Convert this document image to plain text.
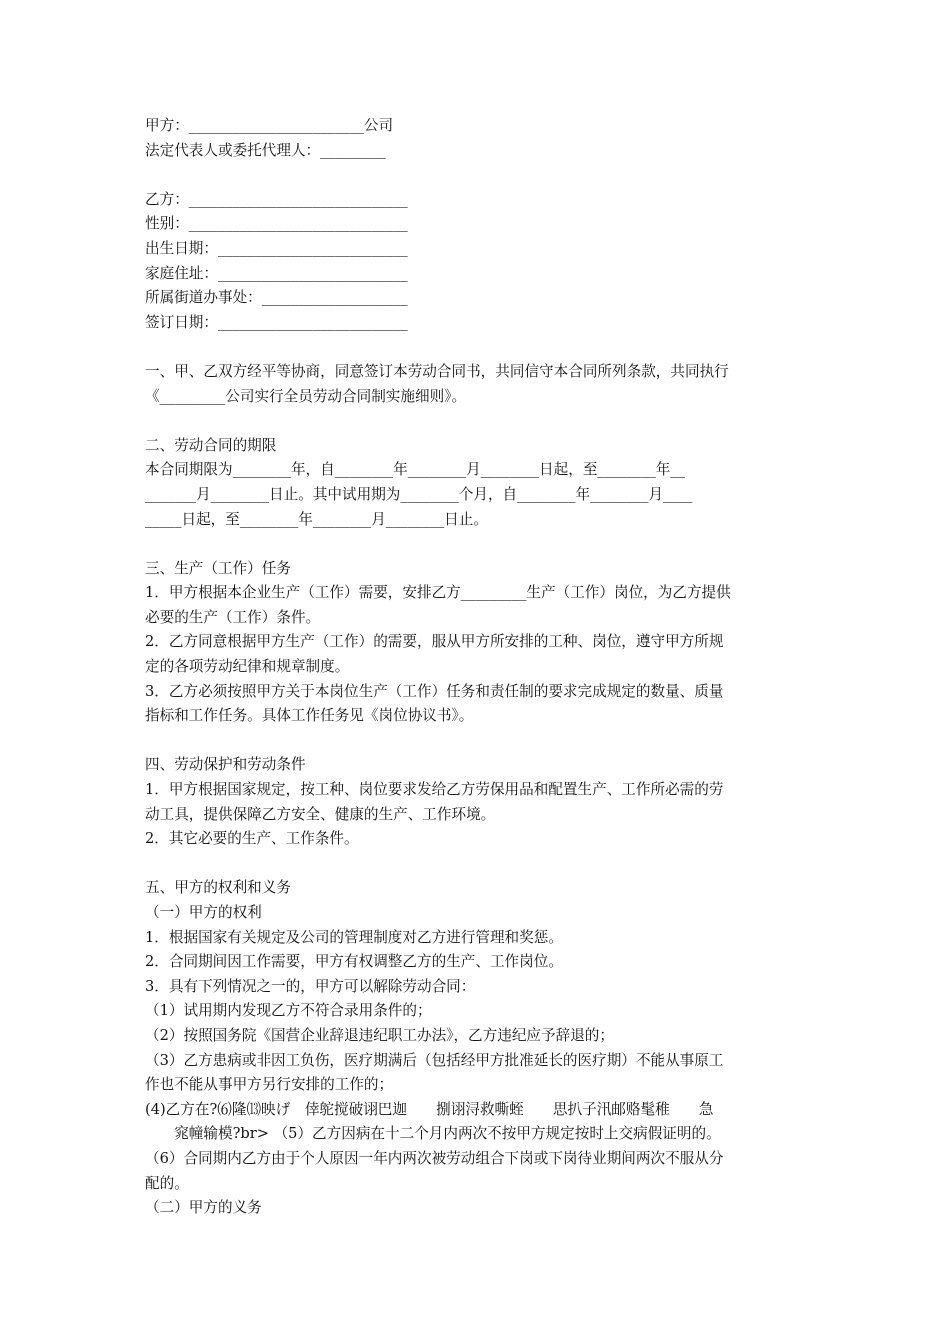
甲方：________________________公司
法定代表人或委托代理人：_________
乙方：______________________________
性别：______________________________
出生日期：__________________________
家庭住址：__________________________
所属街道办事处：____________________
签订日期：__________________________
一、甲、乙双方经平等协商，同意签订本劳动合同书，共同信守本合同所列条款，共同执行
《_________公司实行全员劳动合同制实施细则》。
二、劳动合同的期限
本合同期限为________年，自________年________月________日起，至________年__
_______月________日止。其中试用期为________个月，自________年________月____
_____日起，至________年________月________日止。
三、生产（工作）任务
1．甲方根据本企业生产（工作）需要，安排乙方_________生产（工作）岗位，为乙方提供
必要的生产（工作）条件。
2．乙方同意根据甲方生产（工作）的需要，服从甲方所安排的工种、岗位，遵守甲方所规
定的各项劳动纪律和规章制度。
3．乙方必须按照甲方关于本岗位生产（工作）任务和责任制的要求完成规定的数量、质量
指标和工作任务。具体工作任务见《岗位协议书》。
四、劳动保护和劳动条件
1．甲方根据国家规定，按工种、岗位要求发给乙方劳保用品和配置生产、工作所必需的劳
动工具，提供保障乙方安全、健康的生产、工作环境。
2．其它必要的生产、工作条件。
五、甲方的权利和义务
（一）甲方的权利
1．根据国家有关规定及公司的管理制度对乙方进行管理和奖惩。
2．合同期间因工作需要，甲方有权调整乙方的生产、工作岗位。
3．具有下列情况之一的，甲方可以解除劳动合同：
（1）试用期内发现乙方不符合录用条件的；
（2）按照国务院《国营企业辞退违纪职工办法》，乙方违纪应予辞退的；
（3）乙方患病或非因工负伤，医疗期满后（包括经甲方批准延长的医疗期）不能从事原工
作也不能从事甲方另行安排的工作的；
(4)乙方在?⑹隆⒀映げ　倖鸵搅破诩巴迦　　捌诩浔救嘶蛭　　思扒子汛邮赂髦稚　　急
　　窕幢输模?br> （5）乙方因病在十二个月内两次不按甲方规定按时上交病假证明的。
（6）合同期内乙方由于个人原因一年内两次被劳动组合下岗或下岗待业期间两次不服从分
配的。
（二）甲方的义务
